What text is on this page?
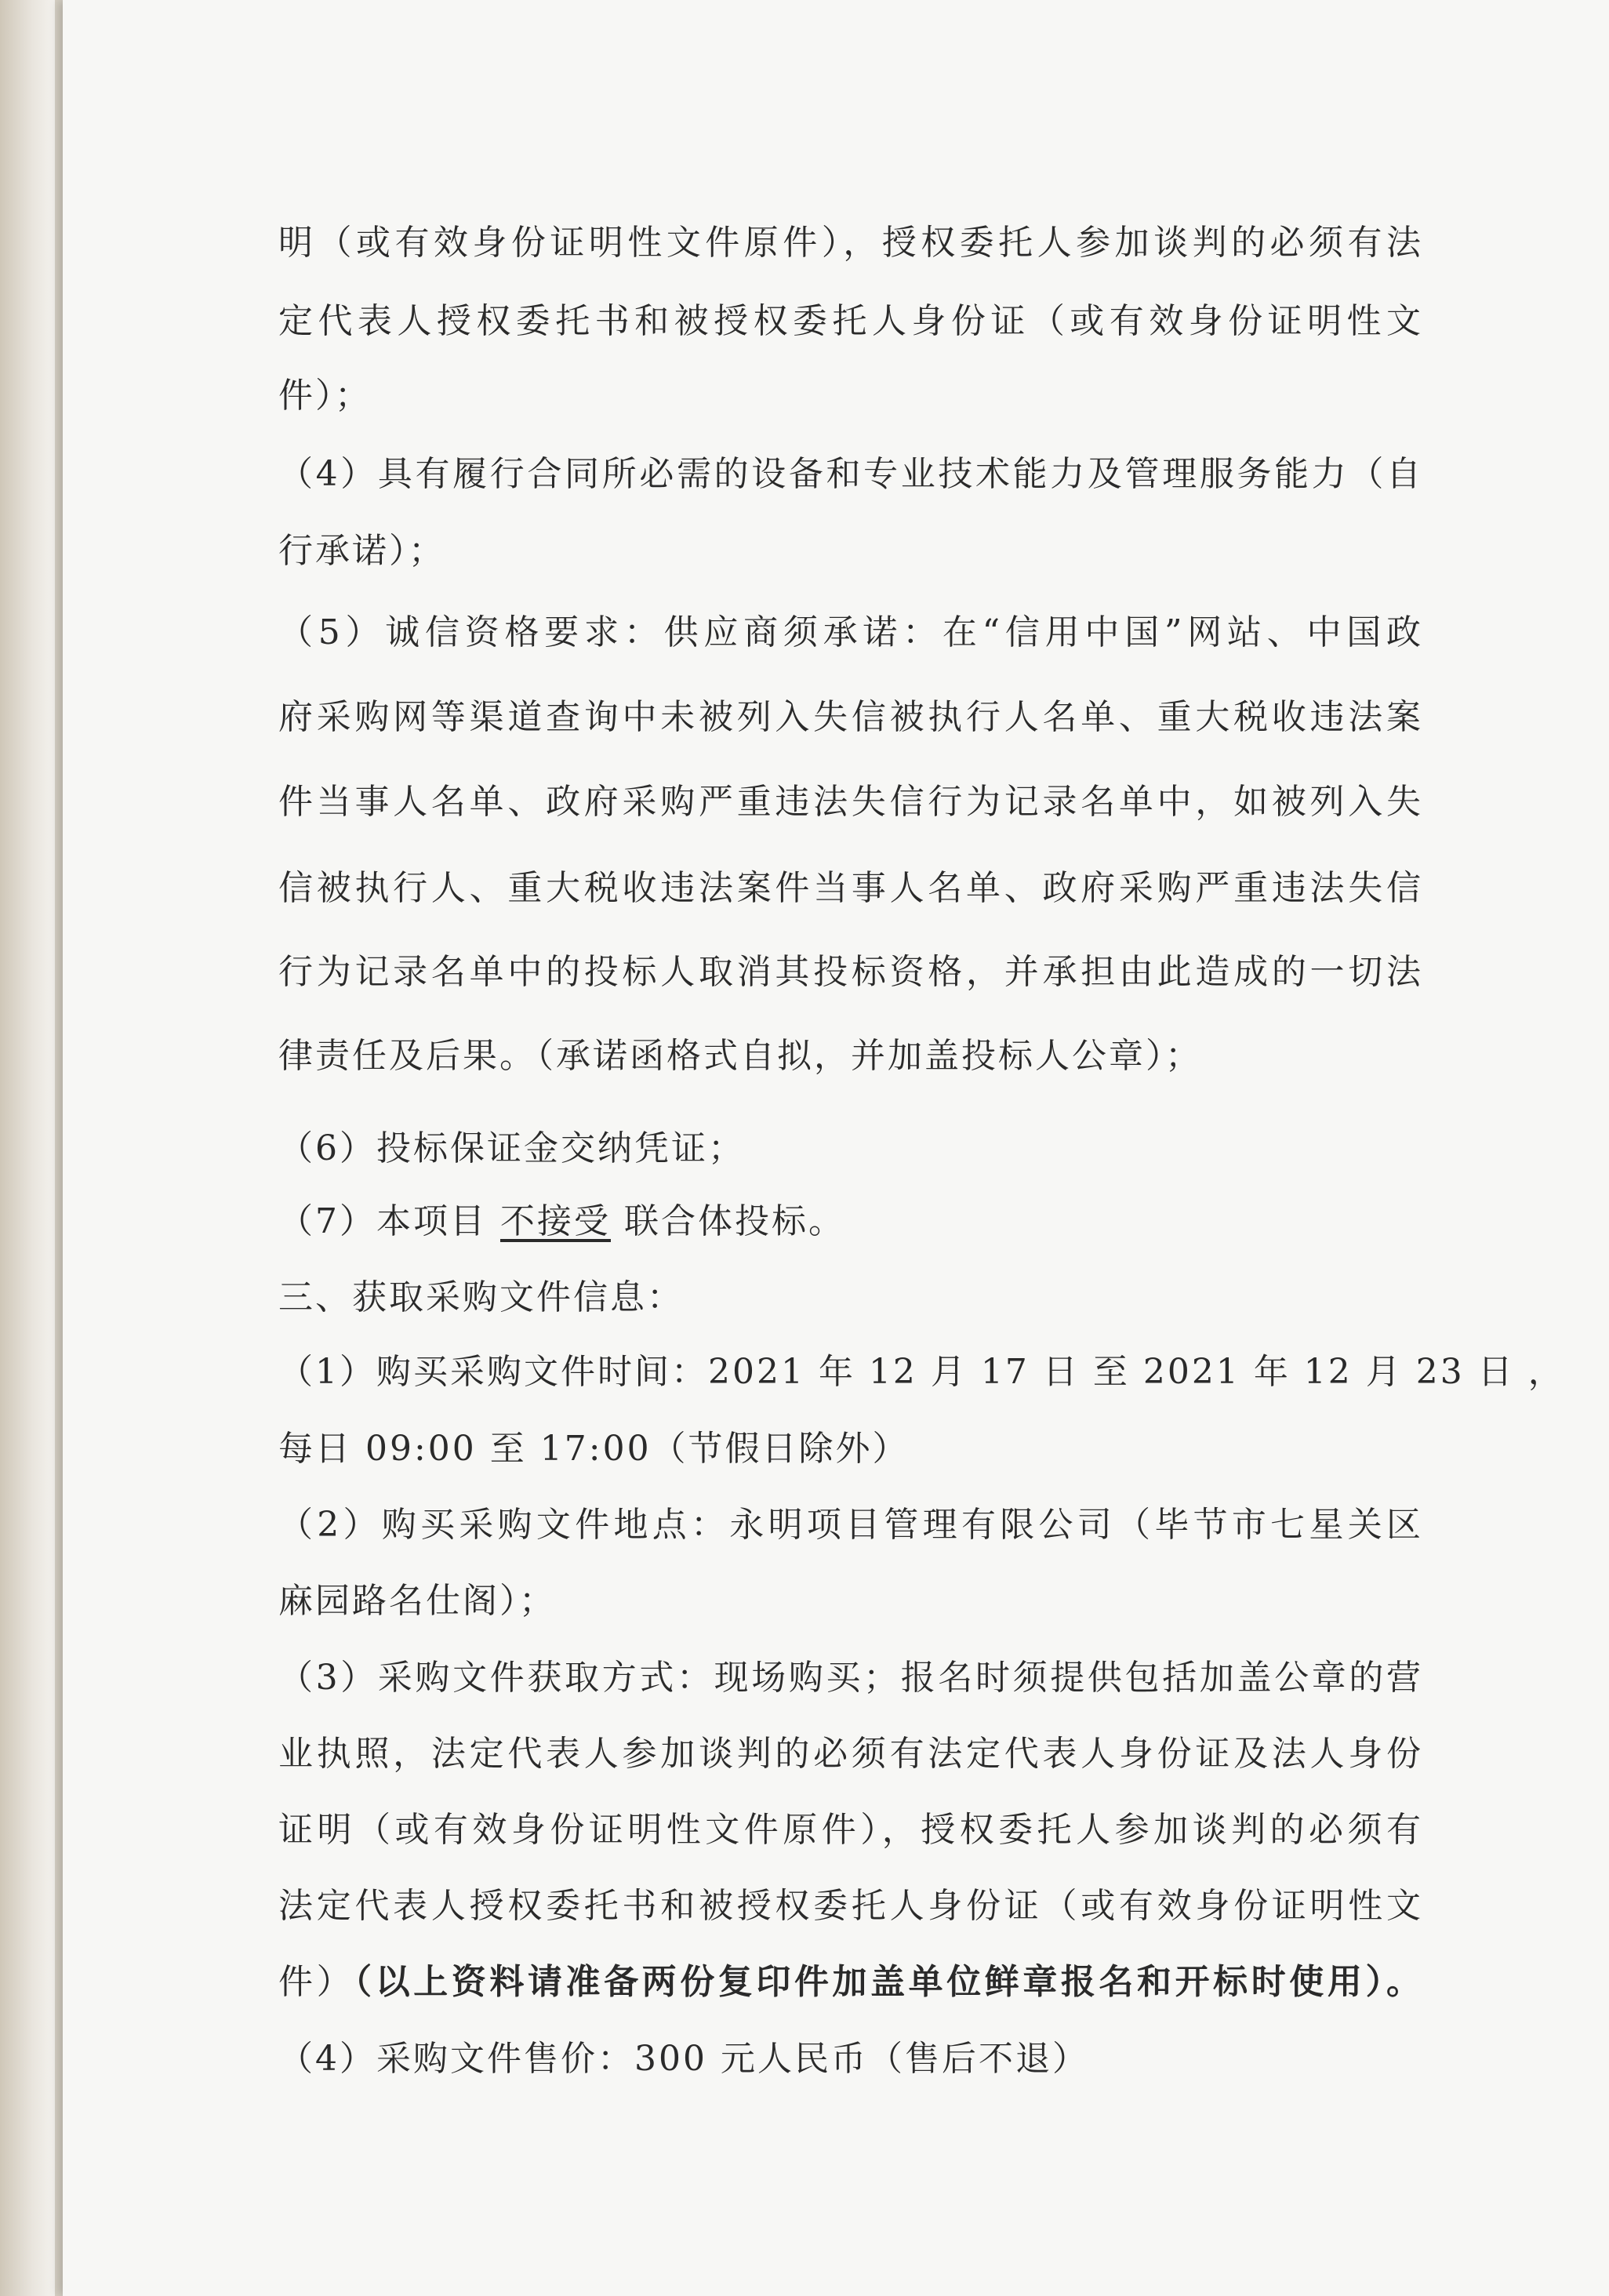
明（或有效身份证明性文件原件），授权委托人参加谈判的必须有法
定代表人授权委托书和被授权委托人身份证（或有效身份证明性文
件）；
（4）具有履行合同所必需的设备和专业技术能力及管理服务能力（自
行承诺）；
（5）诚信资格要求：供应商须承诺：在“信用中国”网站、中国政
府采购网等渠道查询中未被列入失信被执行人名单、重大税收违法案
件当事人名单、政府采购严重违法失信行为记录名单中，如被列入失
信被执行人、重大税收违法案件当事人名单、政府采购严重违法失信
行为记录名单中的投标人取消其投标资格，并承担由此造成的一切法
律责任及后果。（承诺函格式自拟，并加盖投标人公章）；
（6）投标保证金交纳凭证；
（7）本项目 不接受 联合体投标。
三、获取采购文件信息：
（1）购买采购文件时间：2021 年 12 月 17 日 至 2021 年 12 月 23 日 ，
每日 09:00 至 17:00（节假日除外）
（2）购买采购文件地点：永明项目管理有限公司（毕节市七星关区
麻园路名仕阁）；
（3）采购文件获取方式：现场购买；报名时须提供包括加盖公章的营
业执照，法定代表人参加谈判的必须有法定代表人身份证及法人身份
证明（或有效身份证明性文件原件），授权委托人参加谈判的必须有
法定代表人授权委托书和被授权委托人身份证（或有效身份证明性文
件）（以上资料请准备两份复印件加盖单位鲜章报名和开标时使用）。
（4）采购文件售价：300 元人民币（售后不退）
